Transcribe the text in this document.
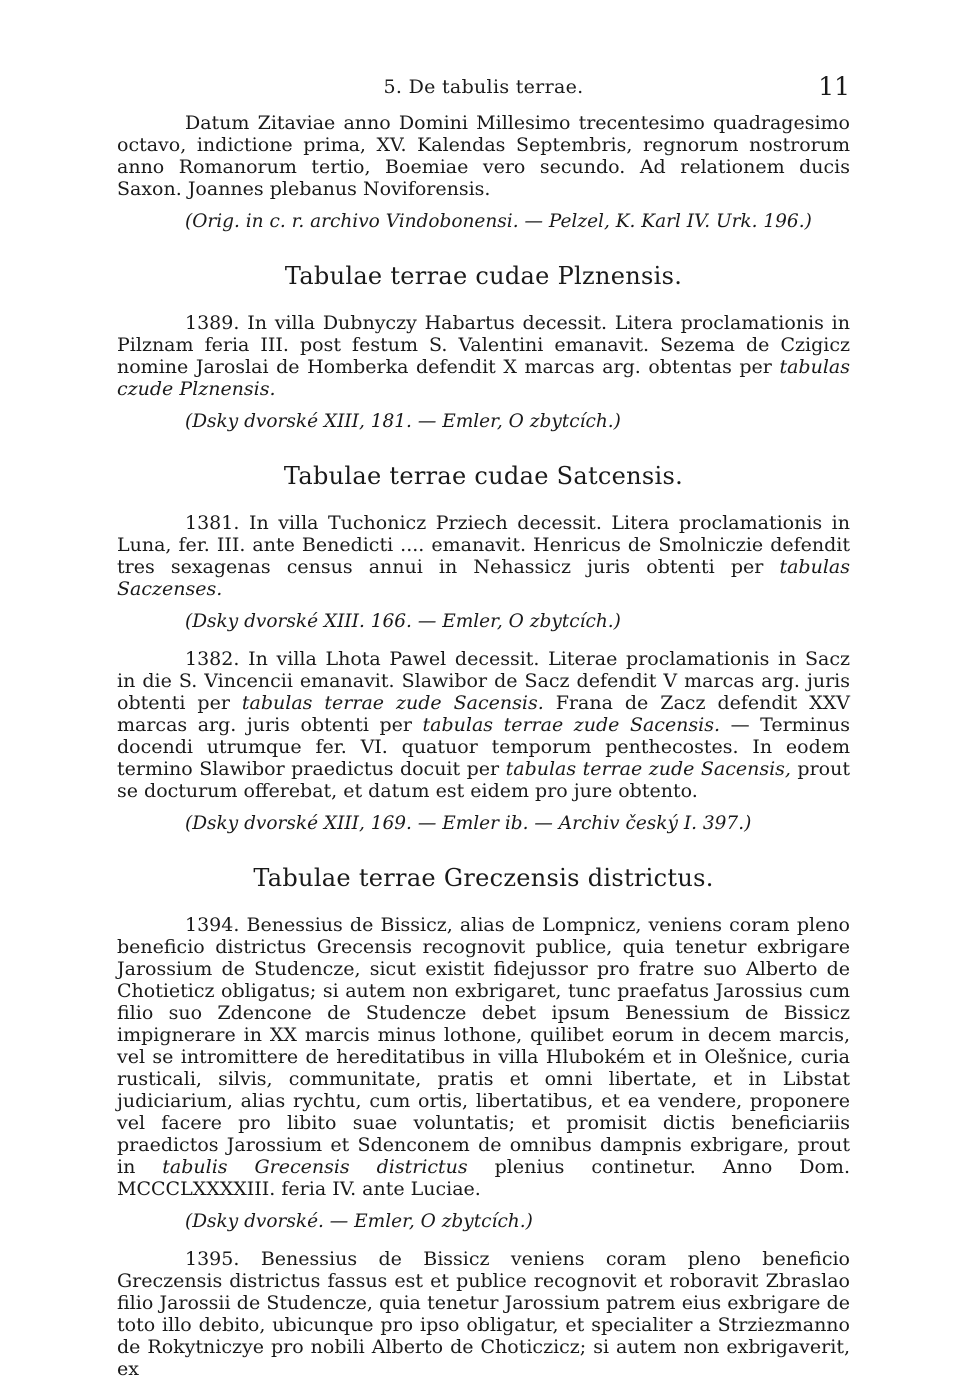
5. De tabulis terrae.	11

Datum Zitaviae anno Domini Millesimo trecentesimo quadragesimo octavo, indictione prima, XV. Kalendas Septembris, regnorum nostrorum anno Romanorum tertio, Boemiae vero secundo. Ad relationem ducis Saxon. Joannes plebanus Noviforensis.

(Orig. in c. r. archivo Vindobonensi. — Pelzel, K. Karl IV. Urk. 196.)
Tabulae terrae cudae Plznensis.

1389. In villa Dubnyczy Habartus decessit. Litera proclamationis in Pilznam feria III. post festum S. Valentini emanavit. Sezema de Czigicz nomine Jaroslai de Homberka defendit X marcas arg. obtentas per tabulas czude Plznensis.

(Dsky dvorské XIII, 181. — Emler, O zbytcích.)
Tabulae terrae cudae Satcensis.

1381. In villa Tuchonicz Prziech decessit. Litera proclamationis in Luna, fer. III. ante Benedicti .... emanavit. Henricus de Smolniczie defendit tres sexagenas census annui in Nehassicz juris obtenti per tabulas Saczenses.

(Dsky dvorské XIII. 166. — Emler, O zbytcích.)

1382. In villa Lhota Pawel decessit. Literae proclamationis in Sacz in die S. Vincencii emanavit. Slawibor de Sacz defendit V marcas arg. juris obtenti per tabulas terrae zude Sacensis. Frana de Zacz defendit XXV marcas arg. juris obtenti per tabulas terrae zude Sacensis. — Terminus docendi utrumque fer. VI. quatuor temporum penthecostes. In eodem termino Slawibor praedictus docuit per tabulas terrae zude Sacensis, prout se docturum offerebat, et datum est eidem pro jure obtento.

(Dsky dvorské XIII, 169. — Emler ib. — Archiv český I. 397.)
Tabulae terrae Greczensis districtus.

1394. Benessius de Bissicz, alias de Lompnicz, veniens coram pleno beneficio districtus Grecensis recognovit publice, quia tenetur exbrigare Jarossium de Studencze, sicut existit fidejussor pro fratre suo Alberto de Chotieticz obligatus; si autem non exbrigaret, tunc praefatus Jarossius cum filio suo Zdencone de Studencze debet ipsum Benessium de Bissicz impignerare in XX marcis minus lothone, quilibet eorum in decem marcis, vel se intromittere de hereditatibus in villa Hlubokém et in Olešnice, curia rusticali, silvis, communitate, pratis et omni libertate, et in Libstat judiciarium, alias rychtu, cum ortis, libertatibus, et ea vendere, proponere vel facere pro libito suae voluntatis; et promisit dictis beneficiariis praedictos Jarossium et Sdenconem de omnibus dampnis exbrigare, prout in tabulis Grecensis districtus plenius continetur. Anno Dom. MCCCLXXXXIII. feria IV. ante Luciae.

(Dsky dvorské. — Emler, O zbytcích.)

1395. Benessius de Bissicz veniens coram pleno beneficio Greczensis districtus fassus est et publice recognovit et roboravit Zbraslao filio Jarossii de Studencze, quia tenetur Jarossium patrem eius exbrigare de toto illo debito, ubicunque pro ipso obligatur, et specialiter a Strziezmanno de Rokytniczye pro nobili Alberto de Choticzicz; si autem non exbrigaverit, ex
